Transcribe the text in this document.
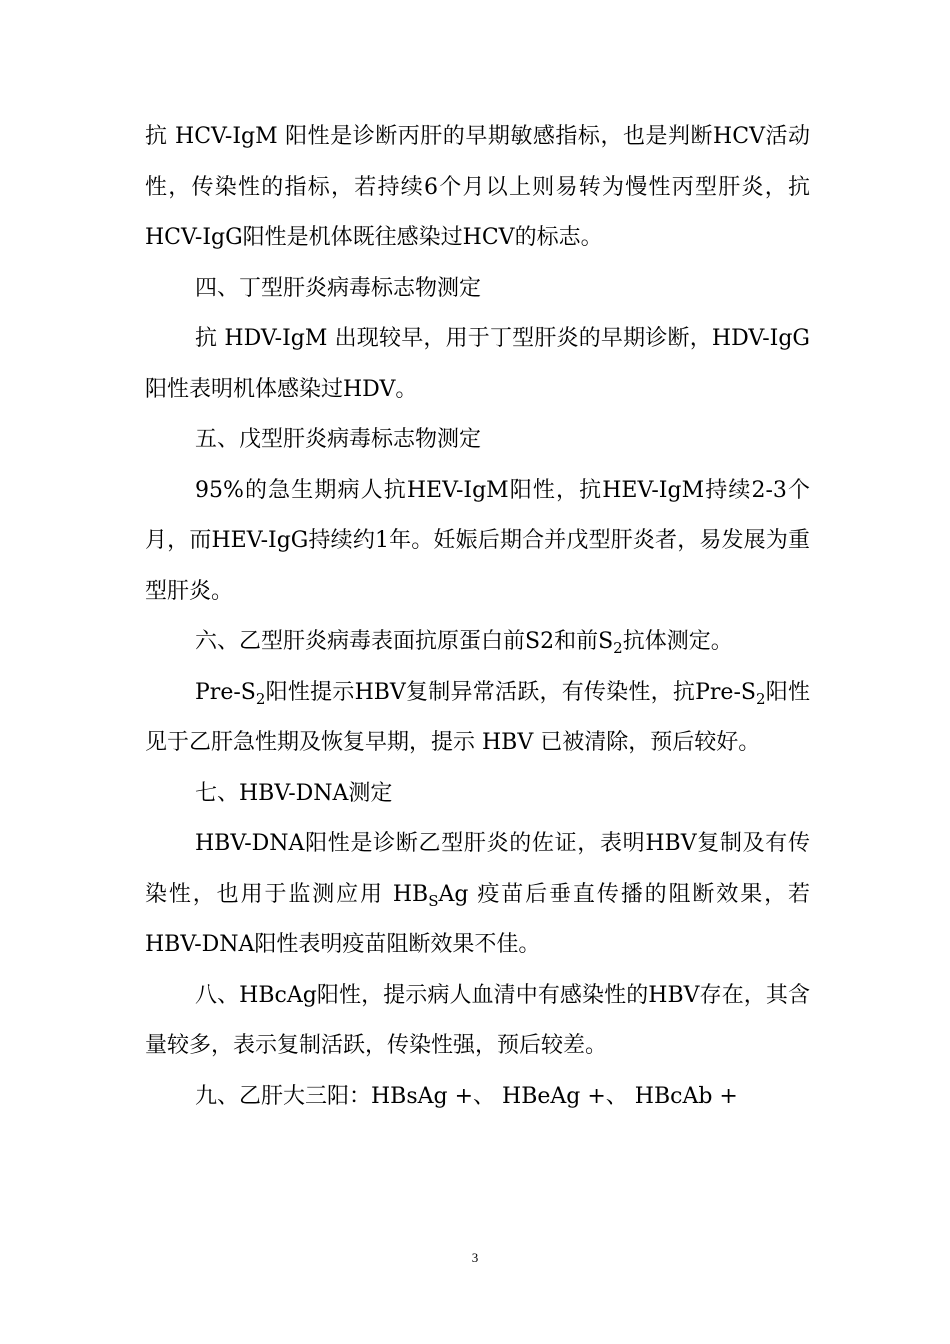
抗 HCV-IgM 阳性是诊断丙肝的早期敏感指标，也是判断HCV活动性，传染性的指标，若持续6个月以上则易转为慢性丙型肝炎，抗HCV-IgG阳性是机体既往感染过HCV的标志。

四、丁型肝炎病毒标志物测定

抗 HDV-IgM 出现较早，用于丁型肝炎的早期诊断，HDV-IgG阳性表明机体感染过HDV。

五、戊型肝炎病毒标志物测定

95%的急生期病人抗HEV-IgM阳性，抗HEV-IgM持续2-3个月，而HEV-IgG持续约1年。妊娠后期合并戊型肝炎者，易发展为重型肝炎。

六、乙型肝炎病毒表面抗原蛋白前S2和前$S_2$抗体测定。

Pre-$S_2$阳性提示HBV复制异常活跃，有传染性，抗Pre-$S_2$阳性见于乙肝急性期及恢复早期，提示 HBV 已被清除，预后较好。

七、HBV-DNA测定

HBV-DNA阳性是诊断乙型肝炎的佐证，表明HBV复制及有传染性，也用于监测应用 $HB_SAg$ 疫苗后垂直传播的阻断效果，若HBV-DNA阳性表明疫苗阻断效果不佳。

八、HBcAg阳性，提示病人血清中有感染性的HBV存在，其含量较多，表示复制活跃，传染性强，预后较差。

九、乙肝大三阳：HBsAg +、 HBeAg +、 HBcAb +

3
